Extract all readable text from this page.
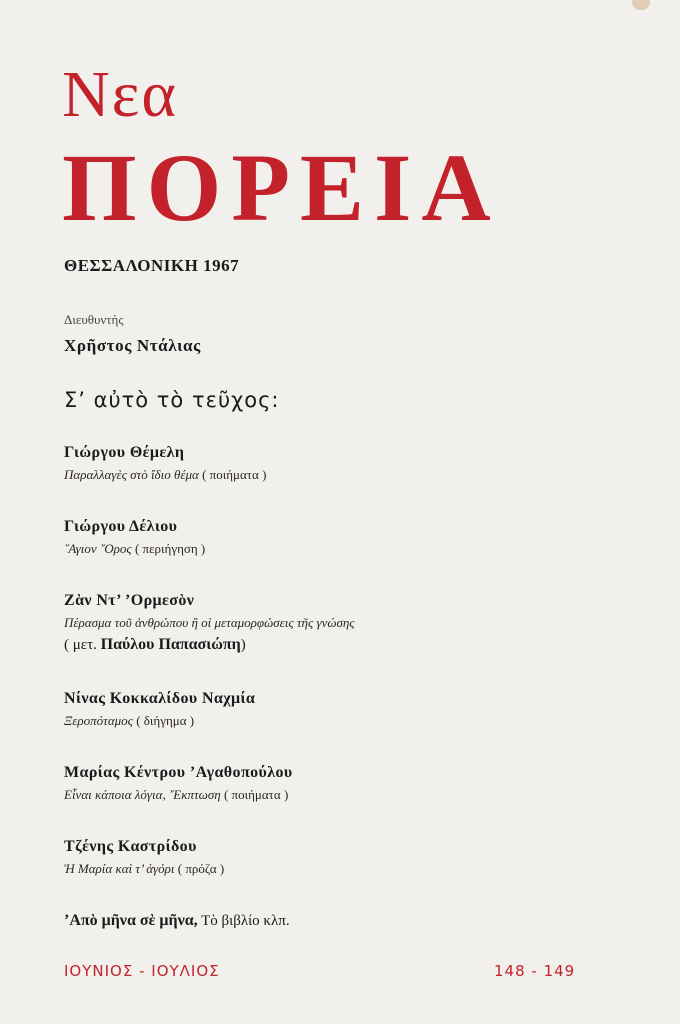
Νεα
ΠΟΡΕΙΑ
ΘΕΣΣΑΛΟΝΙΚΗ 1967
Διευθυντὴς
Χρῆστος Ντάλιας
Σ’ αὐτὸ τὸ τεῦχος:
Γιώργου Θέμελη
Παραλλαγὲς στὸ ἴδιο θέμα ( ποιήματα )
Γιώργου Δέλιου
῞Αγιον ῎Ορος ( περιήγηση )
Ζὰν Ντ’ ’Ορμεσὸν
Πέρασμα τοῦ ἀνθρώπου ἢ οἱ μεταμορφώσεις τῆς γνώσης
( μετ. Παύλου Παπασιώπη)
Νίνας Κοκκαλίδου Ναχμία
Ξεροπόταμος ( διήγημα )
Μαρίας Κέντρου ’Αγαθοπούλου
Εἶναι κάποια λόγια, ῎Εκπτωση ( ποιήματα )
Τζένης Καστρίδου
Ἡ Μαρία καὶ τ’ ἀγόρι ( πρόζα )
’Απὸ μῆνα σὲ μῆνα, Τὸ βιβλίο κλπ.
ΙΟΥΝΙΟΣ - ΙΟΥΛΙΟΣ	148 - 149
